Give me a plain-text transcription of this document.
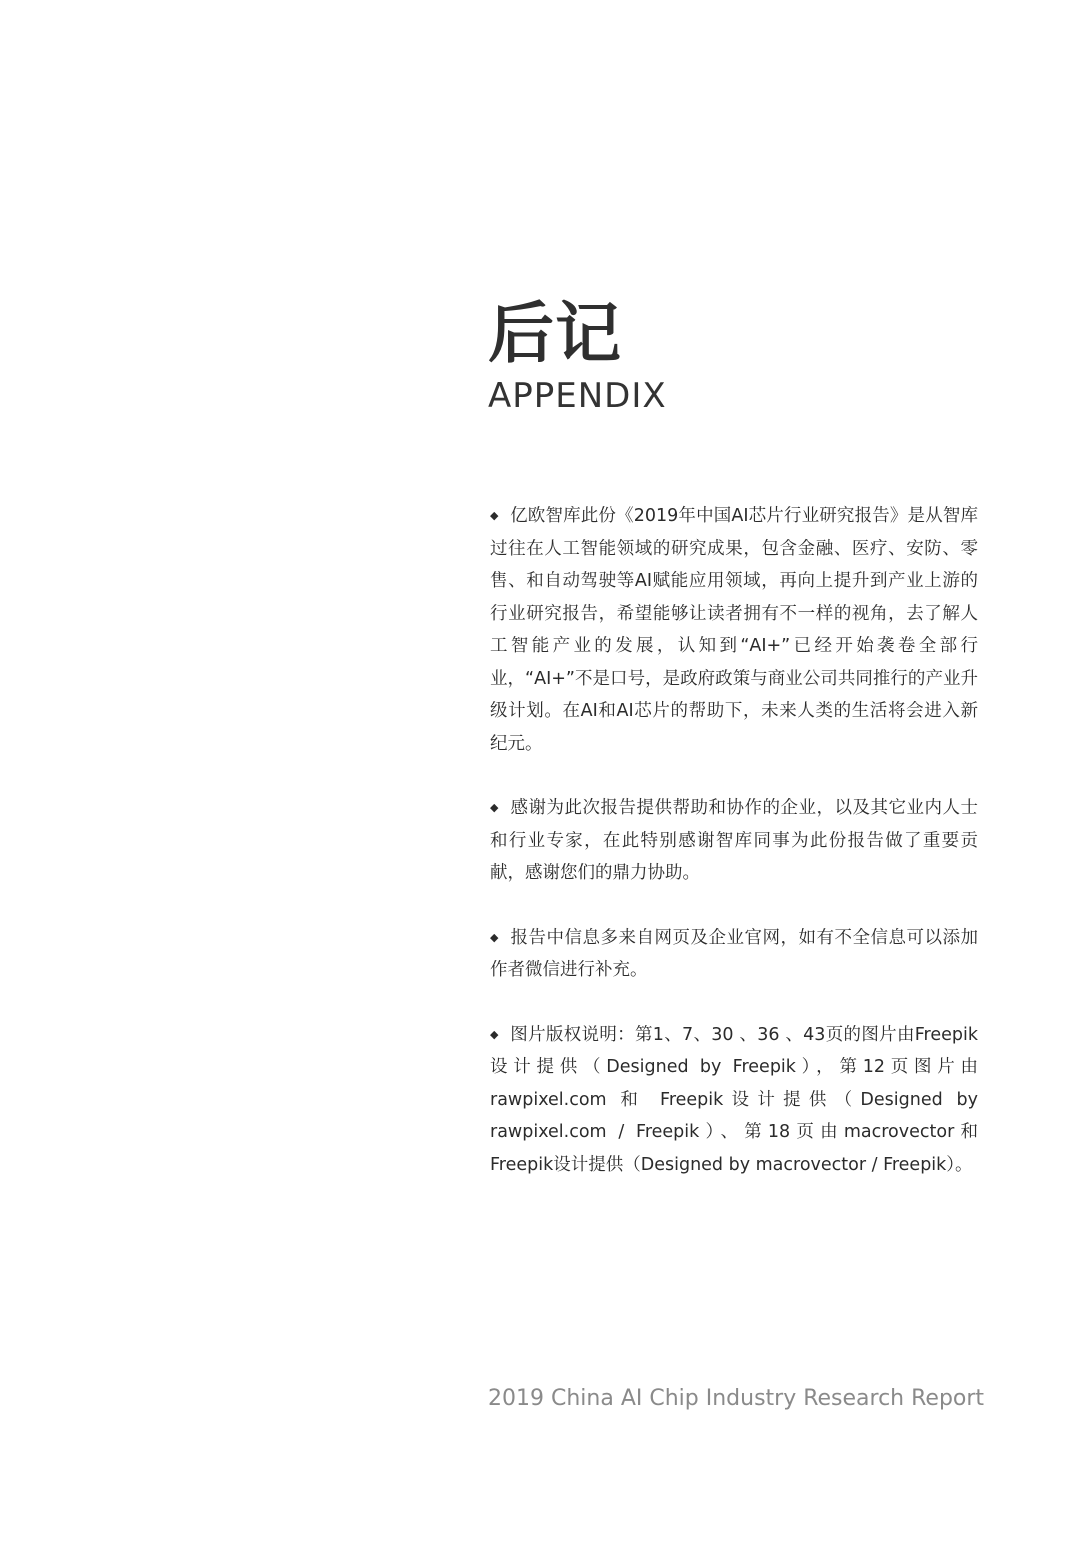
后记
APPENDIX

◆ 亿欧智库此份《2019年中国AI芯片行业研究报告》是从智库过往在人工智能领域的研究成果，包含金融、医疗、安防、零售、和自动驾驶等AI赋能应用领域，再向上提升到产业上游的行业研究报告，希望能够让读者拥有不一样的视角，去了解人工智能产业的发展，认知到“AI+”已经开始袭卷全部行业，“AI+”不是口号，是政府政策与商业公司共同推行的产业升级计划。在AI和AI芯片的帮助下，未来人类的生活将会进入新纪元。

◆ 感谢为此次报告提供帮助和协作的企业，以及其它业内人士和行业专家，在此特别感谢智库同事为此份报告做了重要贡献，感谢您们的鼎力协助。

◆ 报告中信息多来自网页及企业官网，如有不全信息可以添加作者微信进行补充。

◆ 图片版权说明：第1、7、30 、36 、43页的图片由Freepik设计提供（Designed by Freepik），第12页图片由rawpixel.com 和 Freepik设计提供（Designed by rawpixel.com / Freepik）、第18页由macrovector和Freepik设计提供（Designed by macrovector / Freepik）。

2019 China AI Chip Industry Research Report
